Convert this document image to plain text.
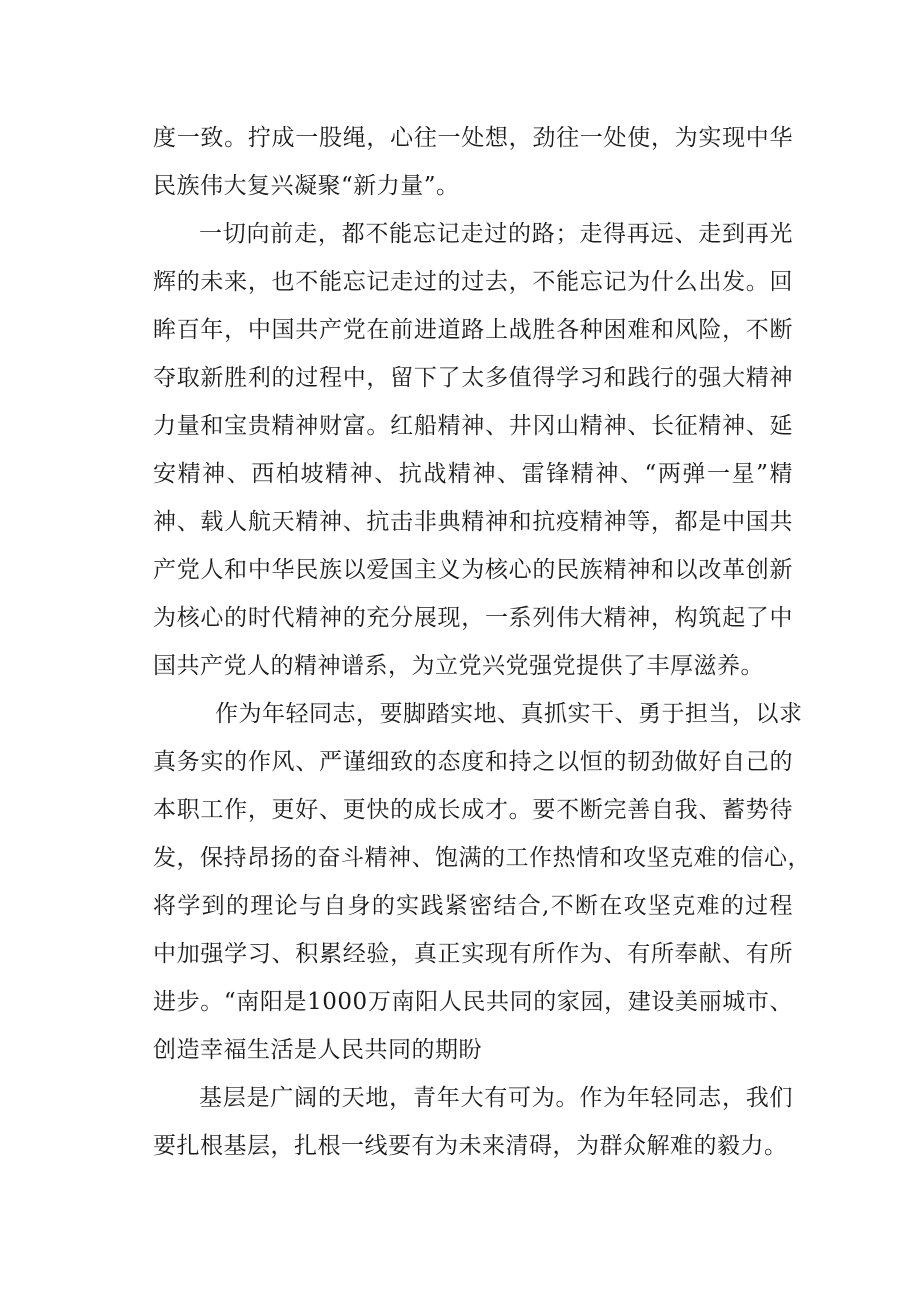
度一致。拧成一股绳，心往一处想，劲往一处使，为实现中华
民族伟大复兴凝聚“新力量”。
一切向前走，都不能忘记走过的路；走得再远、走到再光
辉的未来，也不能忘记走过的过去，不能忘记为什么出发。回
眸百年，中国共产党在前进道路上战胜各种困难和风险，不断
夺取新胜利的过程中，留下了太多值得学习和践行的强大精神
力量和宝贵精神财富。红船精神、井冈山精神、长征精神、延
安精神、西柏坡精神、抗战精神、雷锋精神、“两弹一星”精
神、载人航天精神、抗击非典精神和抗疫精神等，都是中国共
产党人和中华民族以爱国主义为核心的民族精神和以改革创新
为核心的时代精神的充分展现，一系列伟大精神，构筑起了中
国共产党人的精神谱系，为立党兴党强党提供了丰厚滋养。
作为年轻同志，要脚踏实地、真抓实干、勇于担当，以求
真务实的作风、严谨细致的态度和持之以恒的韧劲做好自己的
本职工作，更好、更快的成长成才。要不断完善自我、蓄势待
发，保持昂扬的奋斗精神、饱满的工作热情和攻坚克难的信心，
将学到的理论与自身的实践紧密结合,不断在攻坚克难的过程
中加强学习、积累经验，真正实现有所作为、有所奉献、有所
进步。“南阳是1000万南阳人民共同的家园，建设美丽城市、
创造幸福生活是人民共同的期盼
基层是广阔的天地，青年大有可为。作为年轻同志，我们
要扎根基层，扎根一线要有为未来清碍，为群众解难的毅力。
